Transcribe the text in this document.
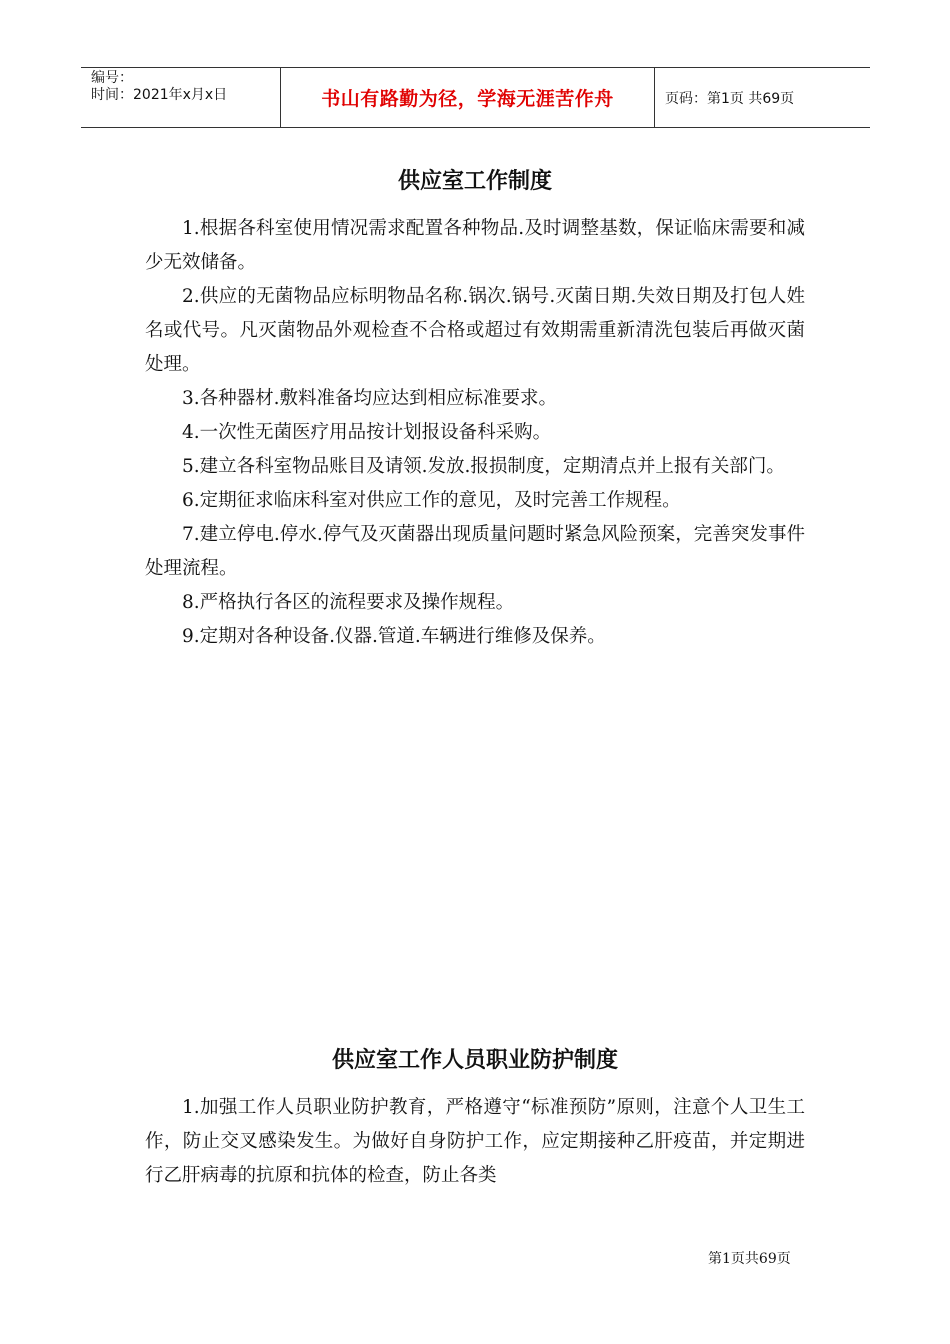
编号：
时间：2021年x月x日	书山有路勤为径，学海无涯苦作舟	页码：第1页 共69页
供应室工作制度

1.根据各科室使用情况需求配置各种物品.及时调整基数，保证临床需要和减少无效储备。

2.供应的无菌物品应标明物品名称.锅次.锅号.灭菌日期.失效日期及打包人姓名或代号。凡灭菌物品外观检查不合格或超过有效期需重新清洗包装后再做灭菌处理。

3.各种器材.敷料准备均应达到相应标准要求。

4.一次性无菌医疗用品按计划报设备科采购。

5.建立各科室物品账目及请领.发放.报损制度，定期清点并上报有关部门。

6.定期征求临床科室对供应工作的意见，及时完善工作规程。

7.建立停电.停水.停气及灭菌器出现质量问题时紧急风险预案，完善突发事件处理流程。

8.严格执行各区的流程要求及操作规程。

9.定期对各种设备.仪器.管道.车辆进行维修及保养。

供应室工作人员职业防护制度

1.加强工作人员职业防护教育，严格遵守“标准预防”原则，注意个人卫生工作，防止交叉感染发生。为做好自身防护工作，应定期接种乙肝疫苗，并定期进行乙肝病毒的抗原和抗体的检查，防止各类

第1页共69页
